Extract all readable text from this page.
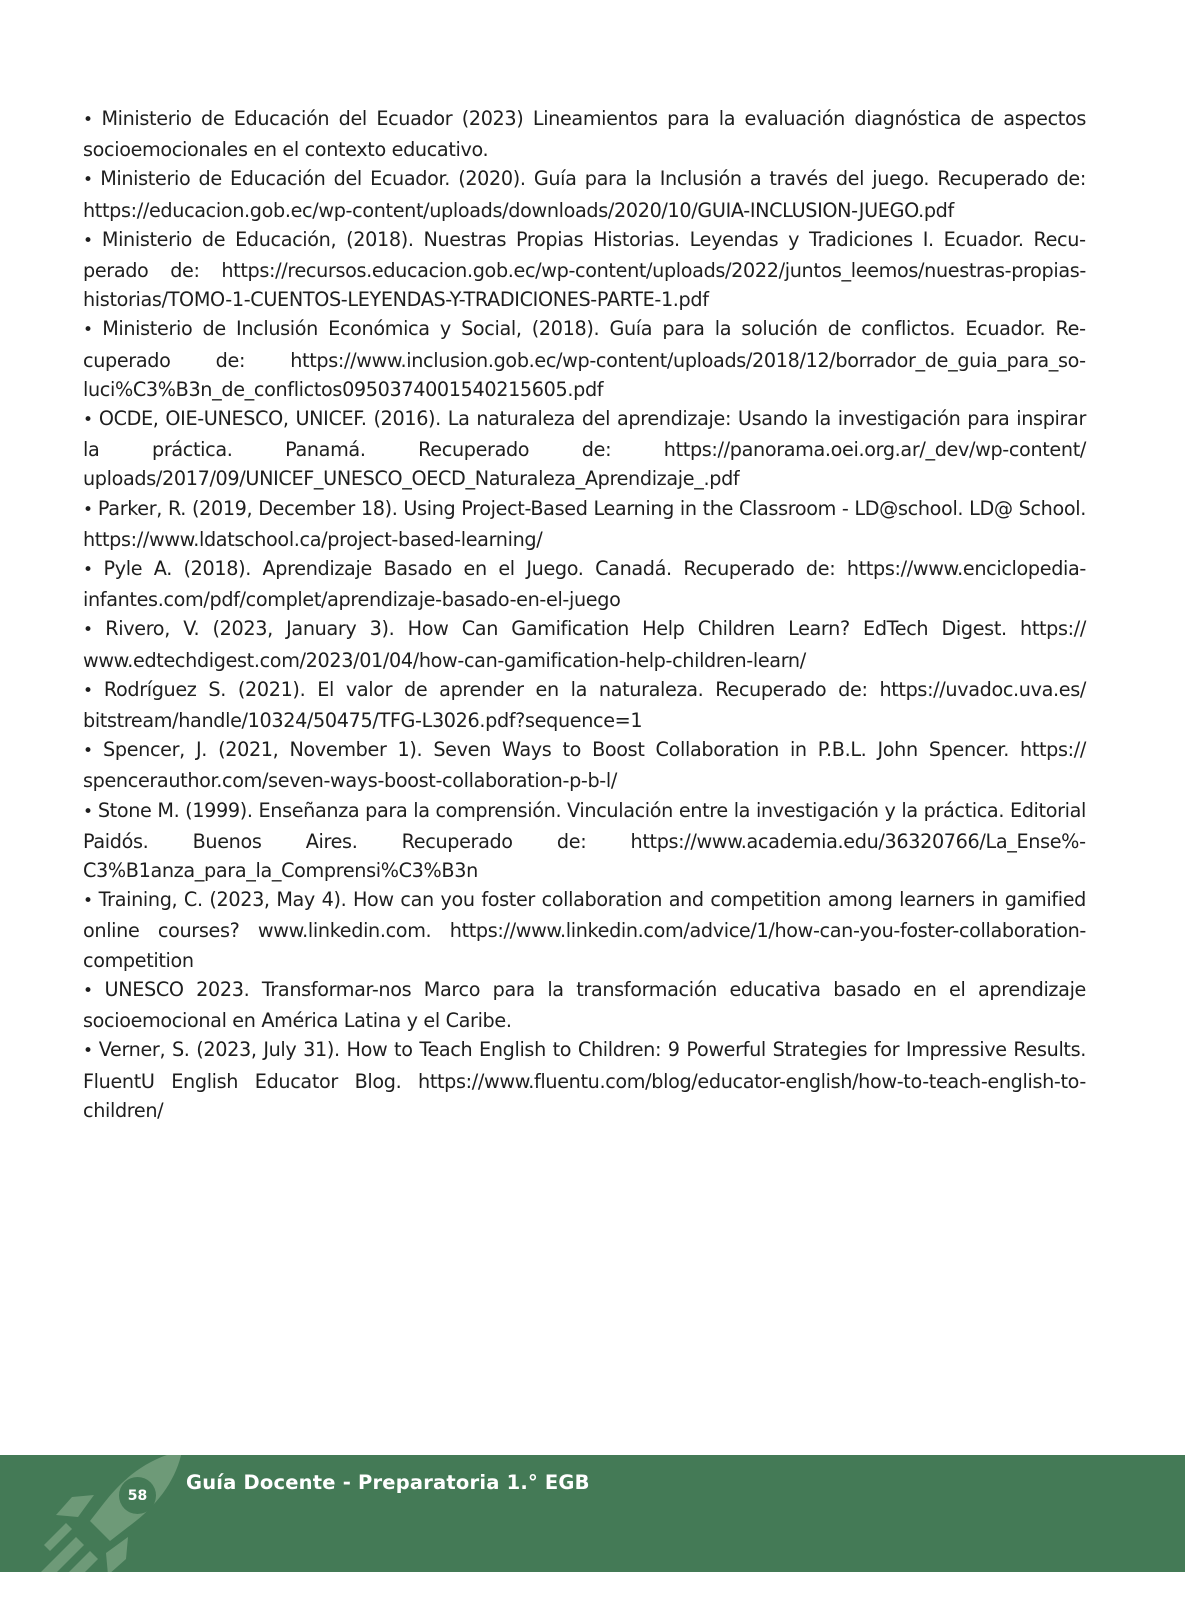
• Ministerio de Educación del Ecuador (2023) Lineamientos para la evaluación diagnóstica de aspectos socioemocionales en el contexto educativo.
• Ministerio de Educación del Ecuador. (2020). Guía para la Inclusión a través del juego. Recuperado de: https://educacion.gob.ec/wp-content/uploads/downloads/2020/10/GUIA-INCLUSION-JUEGO.pdf
• Ministerio de Educación, (2018). Nuestras Propias Historias. Leyendas y Tradiciones I. Ecuador. Recuperado de: https://recursos.educacion.gob.ec/wp-content/uploads/2022/juntos_leemos/nuestras-propias-historias/TOMO-1-CUENTOS-LEYENDAS-Y-TRADICIONES-PARTE-1.pdf
• Ministerio de Inclusión Económica y Social, (2018). Guía para la solución de conflictos. Ecuador. Recuperado de: https://www.inclusion.gob.ec/wp-content/uploads/2018/12/borrador_de_guia_para_soluci%C3%B3n_de_conflictos0950374001540215605.pdf
• OCDE, OIE-UNESCO, UNICEF. (2016). La naturaleza del aprendizaje: Usando la investigación para inspirar la práctica. Panamá. Recuperado de: https://panorama.oei.org.ar/_dev/wp-content/ uploads/2017/09/UNICEF_UNESCO_OECD_Naturaleza_Aprendizaje_.pdf
• Parker, R. (2019, December 18). Using Project-Based Learning in the Classroom - LD@school. LD@ School. https://www.ldatschool.ca/project-based-learning/
• Pyle A. (2018). Aprendizaje Basado en el Juego. Canadá. Recuperado de: https://www.enciclopedia-infantes.com/pdf/complet/aprendizaje-basado-en-el-juego
• Rivero, V. (2023, January 3). How Can Gamification Help Children Learn? EdTech Digest. https:// www.edtechdigest.com/2023/01/04/how-can-gamification-help-children-learn/
• Rodríguez S. (2021). El valor de aprender en la naturaleza. Recuperado de: https://uvadoc.uva.es/ bitstream/handle/10324/50475/TFG-L3026.pdf?sequence=1
• Spencer, J. (2021, November 1). Seven Ways to Boost Collaboration in P.B.L. John Spencer. https:// spencerauthor.com/seven-ways-boost-collaboration-p-b-l/
• Stone M. (1999). Enseñanza para la comprensión. Vinculación entre la investigación y la práctica. Editorial Paidós. Buenos Aires. Recuperado de: https://www.academia.edu/36320766/La_Ense%C3%B1anza_para_la_Comprensi%C3%B3n
• Training, C. (2023, May 4). How can you foster collaboration and competition among learners in gamified online courses? www.linkedin.com. https://www.linkedin.com/advice/1/how-can-you-foster-collaboration-competition
• UNESCO 2023. Transformar-nos Marco para la transformación educativa basado en el aprendizaje socioemocional en América Latina y el Caribe.
• Verner, S. (2023, July 31). How to Teach English to Children: 9 Powerful Strategies for Impressive Results. FluentU English Educator Blog. https://www.fluentu.com/blog/educator-english/how-to-teach-english-to-children/
58
Guía Docente - Preparatoria 1.° EGB
